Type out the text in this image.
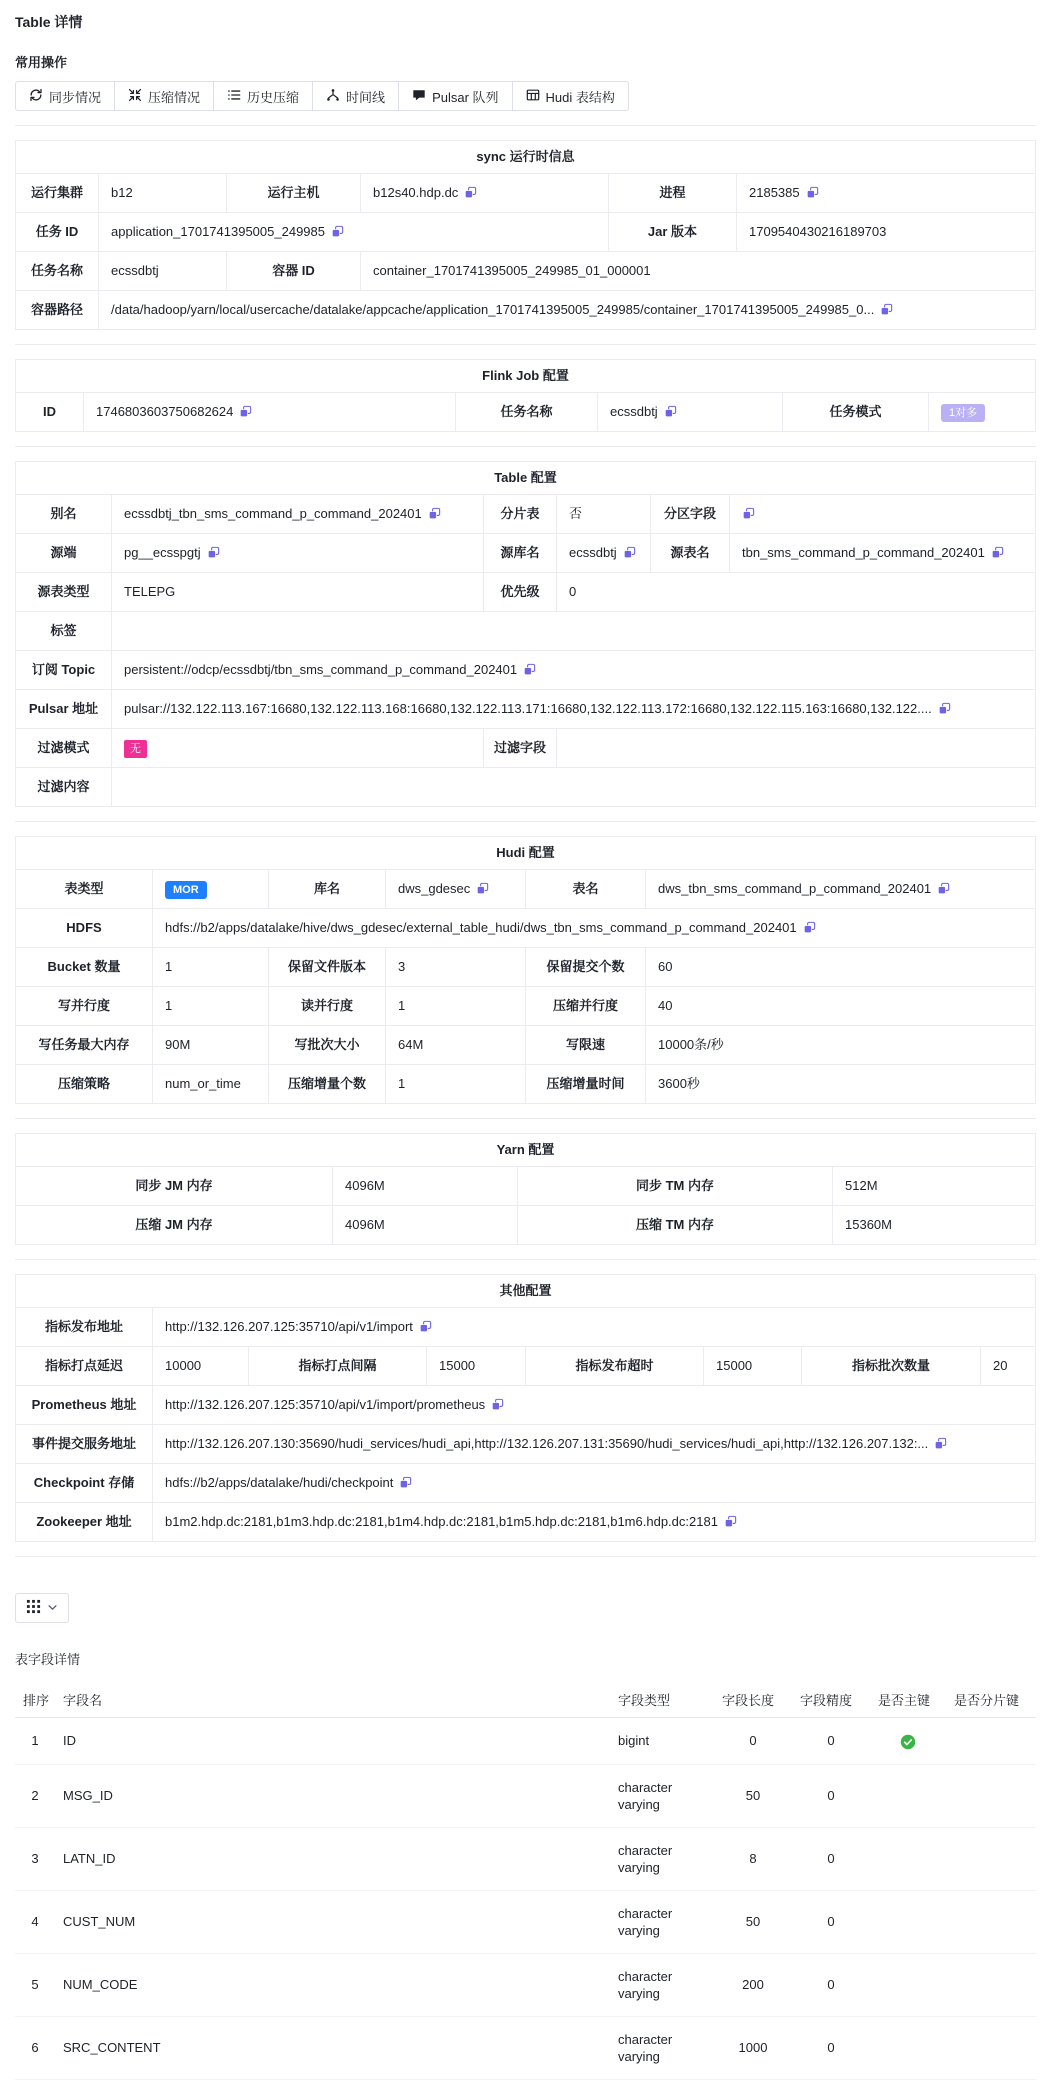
Table 详情
常用操作
同步情况	压缩情况	历史压缩	时间线	Pulsar 队列	Hudi 表结构
sync 运行时信息					
运行集群	b12	运行主机	b12s40.hdp.dc	进程	2185385
任务 ID	application_1701741395005_249985			Jar 版本	1709540430216189703
任务名称	ecssdbtj	容器 ID	container_1701741395005_249985_01_000001		
容器路径	/data/hadoop/yarn/local/usercache/datalake/appcache/application_1701741395005_249985/container_1701741395005_249985_0...				
Flink Job 配置
ID	1746803603750682624	任务名称	ecssdbtj	任务模式	1对多
Table 配置					
别名	ecssdbtj_tbn_sms_command_p_command_202401	分片表	否	分区字段	
源端	pg__ecsspgtj	源库名	ecssdbtj	源表名	tbn_sms_command_p_command_202401
源表类型	TELEPG	优先级	0		
标签					
订阅 Topic	persistent://odcp/ecssdbtj/tbn_sms_command_p_command_202401				
Pulsar 地址	pulsar://132.122.113.167:16680,132.122.113.168:16680,132.122.113.171:16680,132.122.113.172:16680,132.122.115.163:16680,132.122....				
过滤模式	无	过滤字段			
过滤内容					
Hudi 配置					
表类型	MOR	库名	dws_gdesec	表名	dws_tbn_sms_command_p_command_202401
HDFS	hdfs://b2/apps/datalake/hive/dws_gdesec/external_table_hudi/dws_tbn_sms_command_p_command_202401				
Bucket 数量	1	保留文件版本	3	保留提交个数	60
写并行度	1	读并行度	1	压缩并行度	40
写任务最大内存	90M	写批次大小	64M	写限速	10000条/秒
压缩策略	num_or_time	压缩增量个数	1	压缩增量时间	3600秒
Yarn 配置			
同步 JM 内存	4096M	同步 TM 内存	512M
压缩 JM 内存	4096M	压缩 TM 内存	15360M
其他配置							
指标发布地址	http://132.126.207.125:35710/api/v1/import						
指标打点延迟	10000	指标打点间隔	15000	指标发布超时	15000	指标批次数量	20
Prometheus 地址	http://132.126.207.125:35710/api/v1/import/prometheus						
事件提交服务地址	http://132.126.207.130:35690/hudi_services/hudi_api,http://132.126.207.131:35690/hudi_services/hudi_api,http://132.126.207.132:...						
Checkpoint 存储	hdfs://b2/apps/datalake/hudi/checkpoint						
Zookeeper 地址	b1m2.hdp.dc:2181,b1m3.hdp.dc:2181,b1m4.hdp.dc:2181,b1m5.hdp.dc:2181,b1m6.hdp.dc:2181						
表字段详情
排序	字段名	字段类型	字段长度	字段精度	是否主键	是否分片键
1	ID	bigint	0	0	

2	MSG_ID	character varying	50	0		
3	LATN_ID	character varying	8	0		
4	CUST_NUM	character varying	50	0		
5	NUM_CODE	character varying	200	0		
6	SRC_CONTENT	character varying	1000	0		
